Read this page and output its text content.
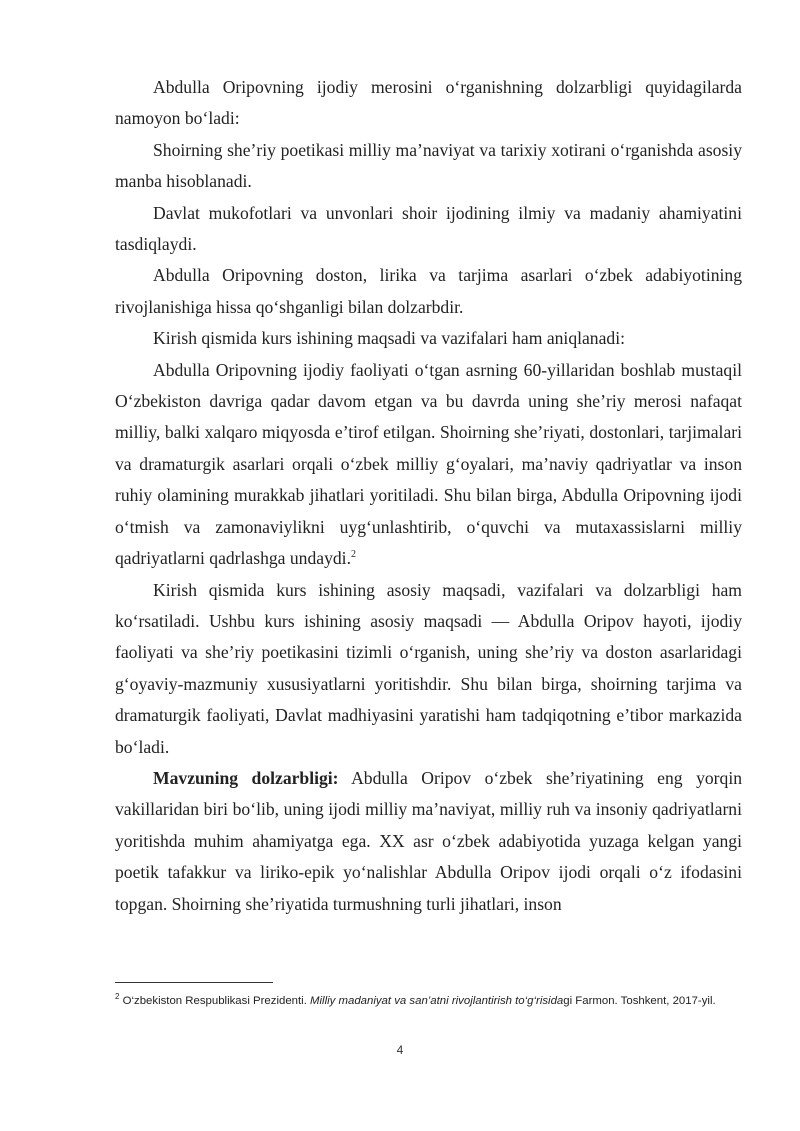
Abdulla Oripovning ijodiy merosini o‘rganishning dolzarbligi quyidagilarda namoyon bo‘ladi:

Shoirning she’riy poetikasi milliy ma’naviyat va tarixiy xotirani o‘rganishda asosiy manba hisoblanadi.

Davlat mukofotlari va unvonlari shoir ijodining ilmiy va madaniy ahamiyatini tasdiqlaydi.

Abdulla Oripovning doston, lirika va tarjima asarlari o‘zbek adabiyotining rivojlanishiga hissa qo‘shganligi bilan dolzarbdir.

Kirish qismida kurs ishining maqsadi va vazifalari ham aniqlanadi:

Abdulla Oripovning ijodiy faoliyati o‘tgan asrning 60-yillaridan boshlab mustaqil O‘zbekiston davriga qadar davom etgan va bu davrda uning she’riy merosi nafaqat milliy, balki xalqaro miqyosda e’tirof etilgan. Shoirning she’riyati, dostonlari, tarjimalari va dramaturgik asarlari orqali o‘zbek milliy g‘oyalari, ma’naviy qadriyatlar va inson ruhiy olamining murakkab jihatlari yoritiladi. Shu bilan birga, Abdulla Oripovning ijodi o‘tmish va zamonaviylikni uyg‘unlashtirib, o‘quvchi va mutaxassislarni milliy qadriyatlarni qadrlashga undaydi.$^2$

Kirish qismida kurs ishining asosiy maqsadi, vazifalari va dolzarbligi ham ko‘rsatiladi. Ushbu kurs ishining asosiy maqsadi — Abdulla Oripov hayoti, ijodiy faoliyati va she’riy poetikasini tizimli o‘rganish, uning she’riy va doston asarlaridagi g‘oyaviy-mazmuniy xususiyatlarni yoritishdir. Shu bilan birga, shoirning tarjima va dramaturgik faoliyati, Davlat madhiyasini yaratishi ham tadqiqotning e’tibor markazida bo‘ladi.

Mavzuning dolzarbligi: Abdulla Oripov o‘zbek she’riyatining eng yorqin vakillaridan biri bo‘lib, uning ijodi milliy ma’naviyat, milliy ruh va insoniy qadriyatlarni yoritishda muhim ahamiyatga ega. XX asr o‘zbek adabiyotida yuzaga kelgan yangi poetik tafakkur va liriko-epik yo‘nalishlar Abdulla Oripov ijodi orqali o‘z ifodasini topgan. Shoirning she’riyatida turmushning turli jihatlari, inson

$^2$ O‘zbekiston Respublikasi Prezidenti. Milliy madaniyat va san’atni rivojlantirish to‘g‘risidagi Farmon. Toshkent, 2017-yil.
4
